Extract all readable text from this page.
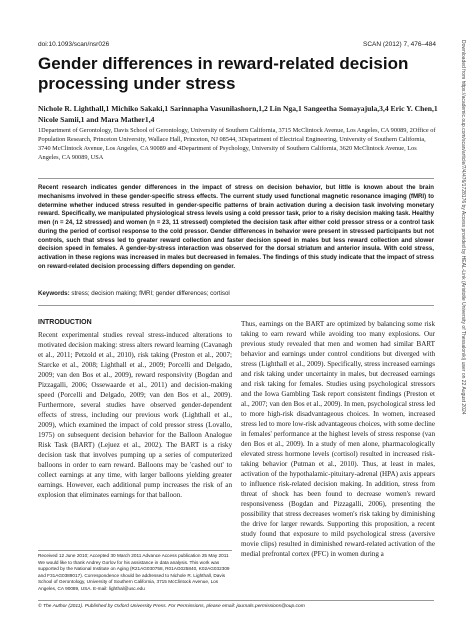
doi:10.1093/scan/nsr026	SCAN (2012) 7, 476–484	Downloaded from https://academic.oup.com/scan/article/7/4/476/1728176 by Access provided by HEAL-Link (Aristotle University of Thessaloniki) user on 22 August 2024
Gender differences in reward-related decision processing under stress
Nichole R. Lighthall,1 Michiko Sakaki,1 Sarinnapha Vasunilashorn,1,2 Lin Nga,1 Sangeetha Somayajula,3,4 Eric Y. Chen,1 Nicole Samii,1 and Mara Mather1,4
1Department of Gerontology, Davis School of Gerontology, University of Southern California, 3715 McClintock Avenue, Los Angeles, CA 90089, 2Office of Population Research, Princeton University, Wallace Hall, Princeton, NJ 08544, 3Department of Electrical Engineering, University of Southern California, 3740 McClintock Avenue, Los Angeles, CA 90089 and 4Department of Psychology, University of Southern California, 3620 McClintock Avenue, Los Angeles, CA 90089, USA

Recent research indicates gender differences in the impact of stress on decision behavior, but little is known about the brain mechanisms involved in these gender-specific stress effects. The current study used functional magnetic resonance imaging (fMRI) to determine whether induced stress resulted in gender-specific patterns of brain activation during a decision task involving monetary reward. Specifically, we manipulated physiological stress levels using a cold pressor task, prior to a risky decision making task. Healthy men (n = 24, 12 stressed) and women (n = 23, 11 stressed) completed the decision task after either cold pressor stress or a control task during the period of cortisol response to the cold pressor. Gender differences in behavior were present in stressed participants but not controls, such that stress led to greater reward collection and faster decision speed in males but less reward collection and slower decision speed in females. A gender-by-stress interaction was observed for the dorsal striatum and anterior insula. With cold stress, activation in these regions was increased in males but decreased in females. The findings of this study indicate that the impact of stress on reward-related decision processing differs depending on gender.

Keywords: stress; decision making; fMRI; gender differences; cortisol
INTRODUCTION

Recent experimental studies reveal stress-induced alterations to motivated decision making: stress alters reward learning (Cavanagh et al., 2011; Petzold et al., 2010), risk taking (Preston et al., 2007; Starcke et al., 2008; Lighthall et al., 2009; Porcelli and Delgado, 2009; van den Bos et al., 2009), reward responsivity (Bogdan and Pizzagalli, 2006; Ossewaarde et al., 2011) and decision-making speed (Porcelli and Delgado, 2009; van den Bos et al., 2009). Furthermore, several studies have observed gender-dependent effects of stress, including our previous work (Lighthall et al., 2009), which examined the impact of cold pressor stress (Lovallo, 1975) on subsequent decision behavior for the Balloon Analogue Risk Task (BART) (Lejuez et al., 2002). The BART is a risky decision task that involves pumping up a series of computerized balloons in order to earn reward. Balloons may be 'cashed out' to collect earnings at any time, with larger balloons yielding greater earnings. However, each additional pump increases the risk of an explosion that eliminates earnings for that balloon.

Thus, earnings on the BART are optimized by balancing some risk taking to earn reward while avoiding too many explosions. Our previous study revealed that men and women had similar BART behavior and earnings under control conditions but diverged with stress (Lighthall et al., 2009). Specifically, stress increased earnings and risk taking under uncertainty in males, but decreased earnings and risk taking for females. Studies using psychological stressors and the Iowa Gambling Task report consistent findings (Preston et al., 2007; van den Bos et al., 2009). In men, psychological stress led to more high-risk disadvantageous choices. In women, increased stress led to more low-risk advantageous choices, with some decline in females' performance at the highest levels of stress response (van den Bos et al., 2009). In a study of men alone, pharmacologically elevated stress hormone levels (cortisol) resulted in increased risk-taking behavior (Putman et al., 2010). Thus, at least in males, activation of the hypothalamic-pituitary-adrenal (HPA) axis appears to influence risk-related decision making. In addition, stress from threat of shock has been found to decrease women's reward responsiveness (Bogdan and Pizzagalli, 2006), presenting the possibility that stress decreases women's risk taking by diminishing the drive for larger rewards. Supporting this proposition, a recent study found that exposure to mild psychological stress (aversive movie clips) resulted in diminished reward-related activation of the medial prefrontal cortex (PFC) in women during a

Received 12 June 2010; Accepted 30 March 2011 Advance Access publication 25 May 2011 We would like to thank Andrey Gorlov for his assistance in data analysis. This work was supported by the National Institute on Aging (R21AG030758, R01AG025840, K02AG032309 and F31AG0389017). Correspondence should be addressed to Nichole R. Lighthall, Davis School of Gerontology, University of Southern California, 3715 McClintock Avenue, Los Angeles, CA 90089, USA. E-mail: lighthal@usc.edu
© The Author (2011). Published by Oxford University Press. For Permissions, please email: journals.permissions@oup.com
